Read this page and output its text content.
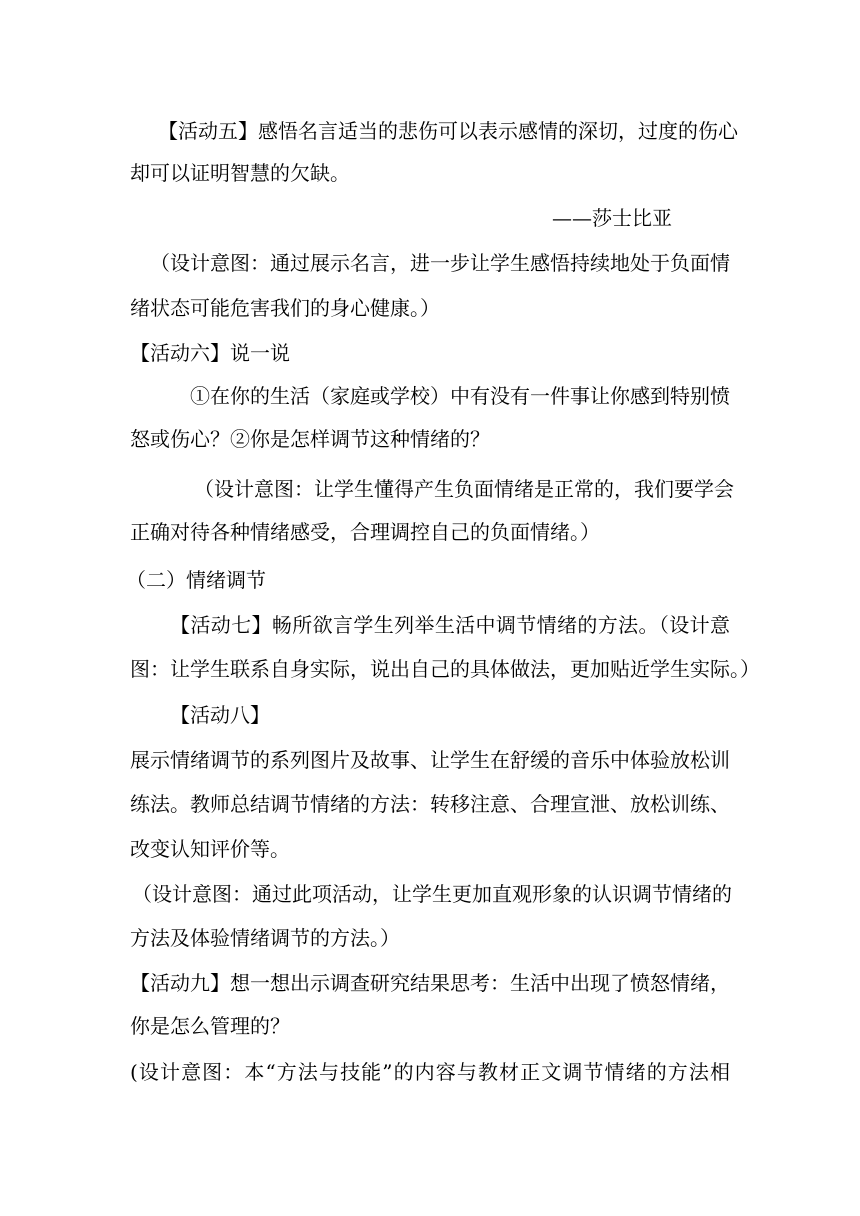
【活动五】感悟名言适当的悲伤可以表示感情的深切，过度的伤心
却可以证明智慧的欠缺。
——莎士比亚
（设计意图：通过展示名言，进一步让学生感悟持续地处于负面情
绪状态可能危害我们的身心健康。）
【活动六】说一说
①在你的生活（家庭或学校）中有没有一件事让你感到特别愤
怒或伤心？②你是怎样调节这种情绪的？
（设计意图：让学生懂得产生负面情绪是正常的，我们要学会
正确对待各种情绪感受，合理调控自己的负面情绪。）
（二）情绪调节
【活动七】畅所欲言学生列举生活中调节情绪的方法。（设计意
图：让学生联系自身实际，说出自己的具体做法，更加贴近学生实际。）
【活动八】
展示情绪调节的系列图片及故事、让学生在舒缓的音乐中体验放松训
练法。教师总结调节情绪的方法：转移注意、合理宣泄、放松训练、
改变认知评价等。
（设计意图：通过此项活动，让学生更加直观形象的认识调节情绪的
方法及体验情绪调节的方法。）
【活动九】想一想出示调查研究结果思考：生活中出现了愤怒情绪，
你是怎么管理的？
(设计意图：本“方法与技能”的内容与教材正文调节情绪的方法相
